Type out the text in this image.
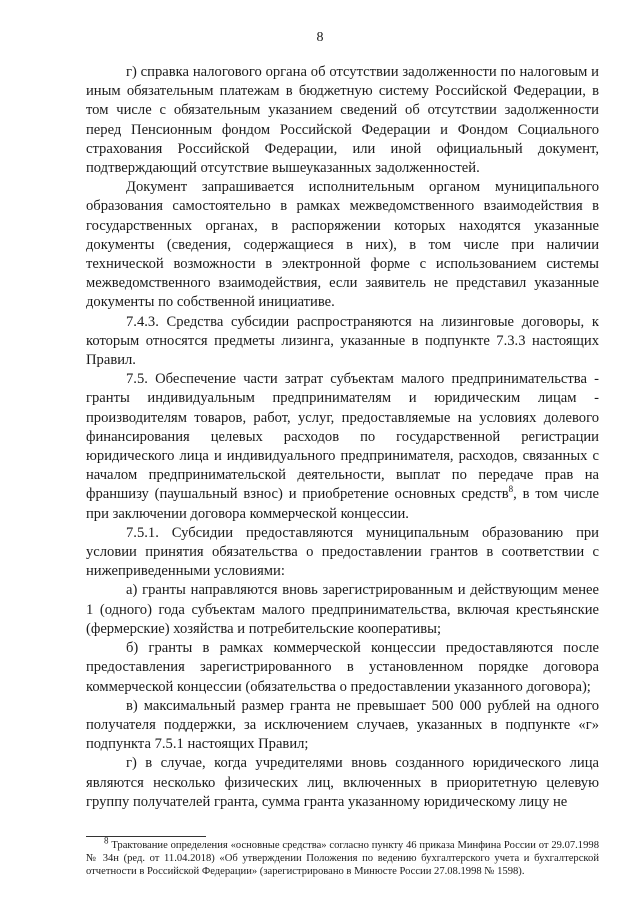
8

г) справка налогового органа об отсутствии задолженности по налоговым и иным обязательным платежам в бюджетную систему Российской Федерации, в том числе с обязательным указанием сведений об отсутствии задолженности перед Пенсионным фондом Российской Федерации и Фондом Социального страхования Российской Федерации, или иной официальный документ, подтверждающий отсутствие вышеуказанных задолженностей.

Документ запрашивается исполнительным органом муниципального образования самостоятельно в рамках межведомственного взаимодействия в государственных органах, в распоряжении которых находятся указанные документы (сведения, содержащиеся в них), в том числе при наличии технической возможности в электронной форме с использованием системы межведомственного взаимодействия, если заявитель не представил указанные документы по собственной инициативе.

7.4.3. Средства субсидии распространяются на лизинговые договоры, к которым относятся предметы лизинга, указанные в подпункте 7.3.3 настоящих Правил.

7.5. Обеспечение части затрат субъектам малого предпринимательства - гранты индивидуальным предпринимателям и юридическим лицам - производителям товаров, работ, услуг, предоставляемые на условиях долевого финансирования целевых расходов по государственной регистрации юридического лица и индивидуального предпринимателя, расходов, связанных с началом предпринимательской деятельности, выплат по передаче прав на франшизу (паушальный взнос) и приобретение основных средств$^8$, в том числе при заключении договора коммерческой концессии.

7.5.1. Субсидии предоставляются муниципальным образованию при условии принятия обязательства о предоставлении грантов в соответствии с нижеприведенными условиями:

а) гранты направляются вновь зарегистрированным и действующим менее 1 (одного) года субъектам малого предпринимательства, включая крестьянские (фермерские) хозяйства и потребительские кооперативы;

б) гранты в рамках коммерческой концессии предоставляются после предоставления зарегистрированного в установленном порядке договора коммерческой концессии (обязательства о предоставлении указанного договора);

в) максимальный размер гранта не превышает 500 000 рублей на одного получателя поддержки, за исключением случаев, указанных в подпункте «г» подпункта 7.5.1 настоящих Правил;

г) в случае, когда учредителями вновь созданного юридического лица являются несколько физических лиц, включенных в приоритетную целевую группу получателей гранта, сумма гранта указанному юридическому лицу не

$^8$ Трактование определения «основные средства» согласно пункту 46 приказа Минфина России от 29.07.1998 № 34н (ред. от 11.04.2018) «Об утверждении Положения по ведению бухгалтерского учета и бухгалтерской отчетности в Российской Федерации» (зарегистрировано в Минюсте России 27.08.1998 № 1598).
